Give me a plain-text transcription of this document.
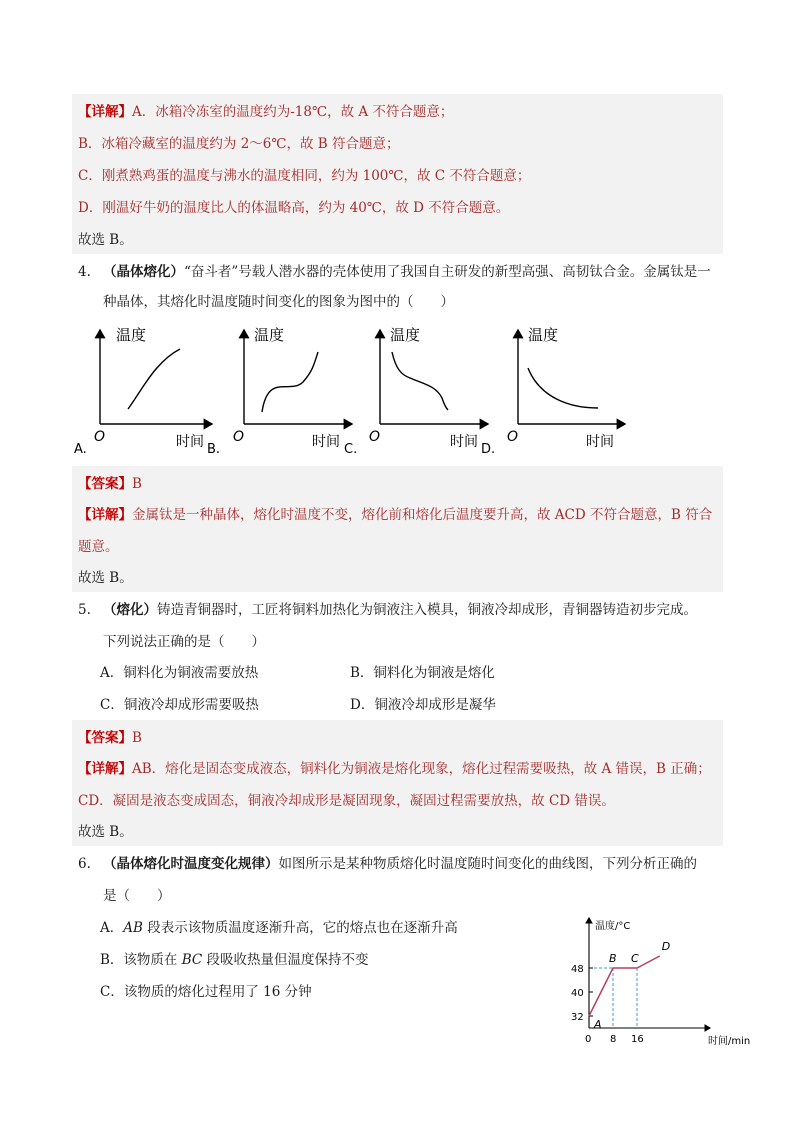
【详解】A．冰箱冷冻室的温度约为-18℃，故 A 不符合题意；
B．冰箱冷藏室的温度约为 2～6℃，故 B 符合题意；
C．刚煮熟鸡蛋的温度与沸水的温度相同，约为 100℃，故 C 不符合题意；
D．刚温好牛奶的温度比人的体温略高，约为 40℃，故 D 不符合题意。
故选 B。
4. （晶体熔化）“奋斗者”号载人潜水器的壳体使用了我国自主研发的新型高强、高韧钛合金。金属钛是一
种晶体，其熔化时温度随时间变化的图象为图中的（　　）
温度
O	时间
A.
温度
O	时间
B.
温度
O	时间
C.
温度
O	时间
D.
【答案】B
【详解】金属钛是一种晶体，熔化时温度不变，熔化前和熔化后温度要升高，故 ACD 不符合题意，B 符合
题意。
故选 B。
5. （熔化）铸造青铜器时，工匠将铜料加热化为铜液注入模具，铜液冷却成形，青铜器铸造初步完成。
下列说法正确的是（　　）
A．铜料化为铜液需要放热	B．铜料化为铜液是熔化
C．铜液冷却成形需要吸热	D．铜液冷却成形是凝华
【答案】B
【详解】AB．熔化是固态变成液态，铜料化为铜液是熔化现象，熔化过程需要吸热，故 A 错误，B 正确；
CD．凝固是液态变成固态，铜液冷却成形是凝固现象，凝固过程需要放热，故 CD 错误。
故选 B。
6. （晶体熔化时温度变化规律）如图所示是某种物质熔化时温度随时间变化的曲线图，下列分析正确的
是（　　）
A．AB 段表示该物质温度逐渐升高，它的熔点也在逐渐升高
B．该物质在 BC 段吸收热量但温度保持不变
C．该物质的熔化过程用了 16 分钟
温度/°C
时间/min
0
40
32
48
8 16
A
B C
D
